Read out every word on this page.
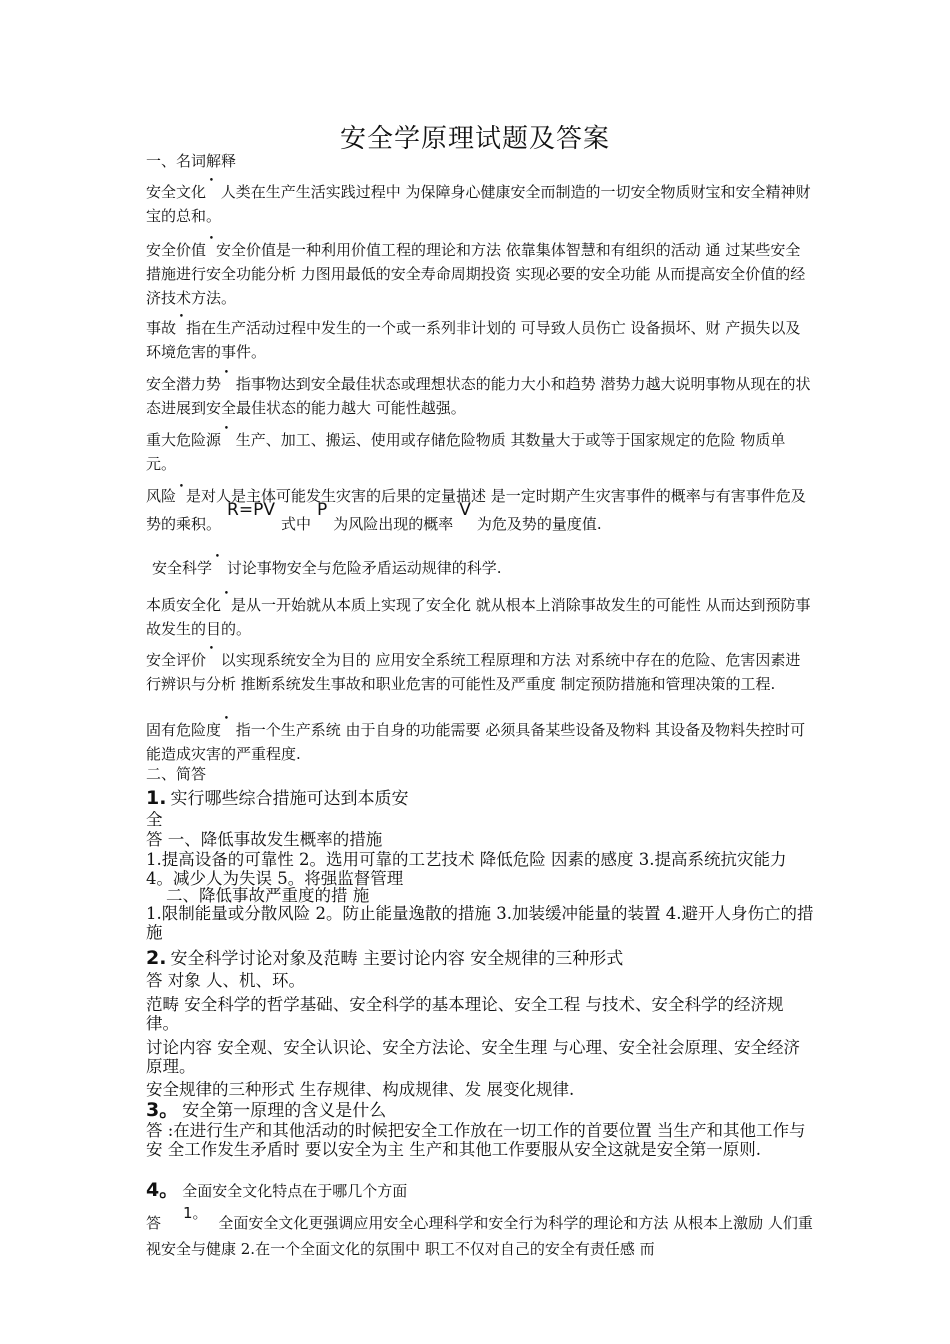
安全学原理试题及答案
一、名词解释
安全文化 • 人类在生产生活实践过程中 为保障身心健康安全而制造的一切安全物质财宝和安全精神财宝的总和。
安全价值 • 安全价值是一种利用价值工程的理论和方法 依靠集体智慧和有组织的活动 通 过某些安全措施进行安全功能分析 力图用最低的安全寿命周期投资 实现必要的安全功能 从而提高安全价值的经济技术方法。
事故 • 指在生产活动过程中发生的一个或一系列非计划的 可导致人员伤亡 设备损坏、财 产损失以及环境危害的事件。
安全潜力势 • 指事物达到安全最佳状态或理想状态的能力大小和趋势 潜势力越大说明事物从现在的状态进展到安全最佳状态的能力越大 可能性越强。
重大危险源 • 生产、加工、搬运、使用或存储危险物质 其数量大于或等于国家规定的危险 物质单元。
风险 • 是对人是主体可能发生灾害的后果的定量描述 是一定时期产生灾害事件的概率与有害事件危及势的乘积。R=PV式中P为风险出现的概率V为危及势的量度值.
安全科学 • 讨论事物安全与危险矛盾运动规律的科学.
本质安全化 • 是从一开始就从本质上实现了安全化 就从根本上消除事故发生的可能性 从而达到预防事故发生的目的。
安全评价 • 以实现系统安全为目的 应用安全系统工程原理和方法 对系统中存在的危险、危害因素进行辨识与分析 推断系统发生事故和职业危害的可能性及严重度 制定预防措施和管理决策的工程.
固有危险度 • 指一个生产系统 由于自身的功能需要 必须具备某些设备及物料 其设备及物料失控时可能造成灾害的严重程度.
二、简答
1. 实行哪些综合措施可达到本质安
全
答 一、降低事故发生概率的措施
1.提高设备的可靠性 2。选用可靠的工艺技术 降低危险 因素的感度 3.提高系统抗灾能力 4。减少人为失误 5。将强监督管理
二、降低事故严重度的措 施
1.限制能量或分散风险 2。防止能量逸散的措施 3.加装缓冲能量的装置 4.避开人身伤亡的措施
2. 安全科学讨论对象及范畴 主要讨论内容 安全规律的三种形式
答 对象 人、机、环。
范畴 安全科学的哲学基础、安全科学的基本理论、安全工程 与技术、安全科学的经济规律。
讨论内容 安全观、安全认识论、安全方法论、安全生理 与心理、安全社会原理、安全经济原理。
安全规律的三种形式 生存规律、构成规律、发 展变化规律.
3。 安全第一原理的含义是什么
答 :在进行生产和其他活动的时候把安全工作放在一切工作的首要位置 当生产和其他工作与安 全工作发生矛盾时 要以安全为主 生产和其他工作要服从安全这就是安全第一原则.
4。 全面安全文化特点在于哪几个方面
答1。 全面安全文化更强调应用安全心理科学和安全行为科学的理论和方法 从根本上激励 人们重视安全与健康 2.在一个全面文化的氛围中 职工不仅对自己的安全有责任感 而
